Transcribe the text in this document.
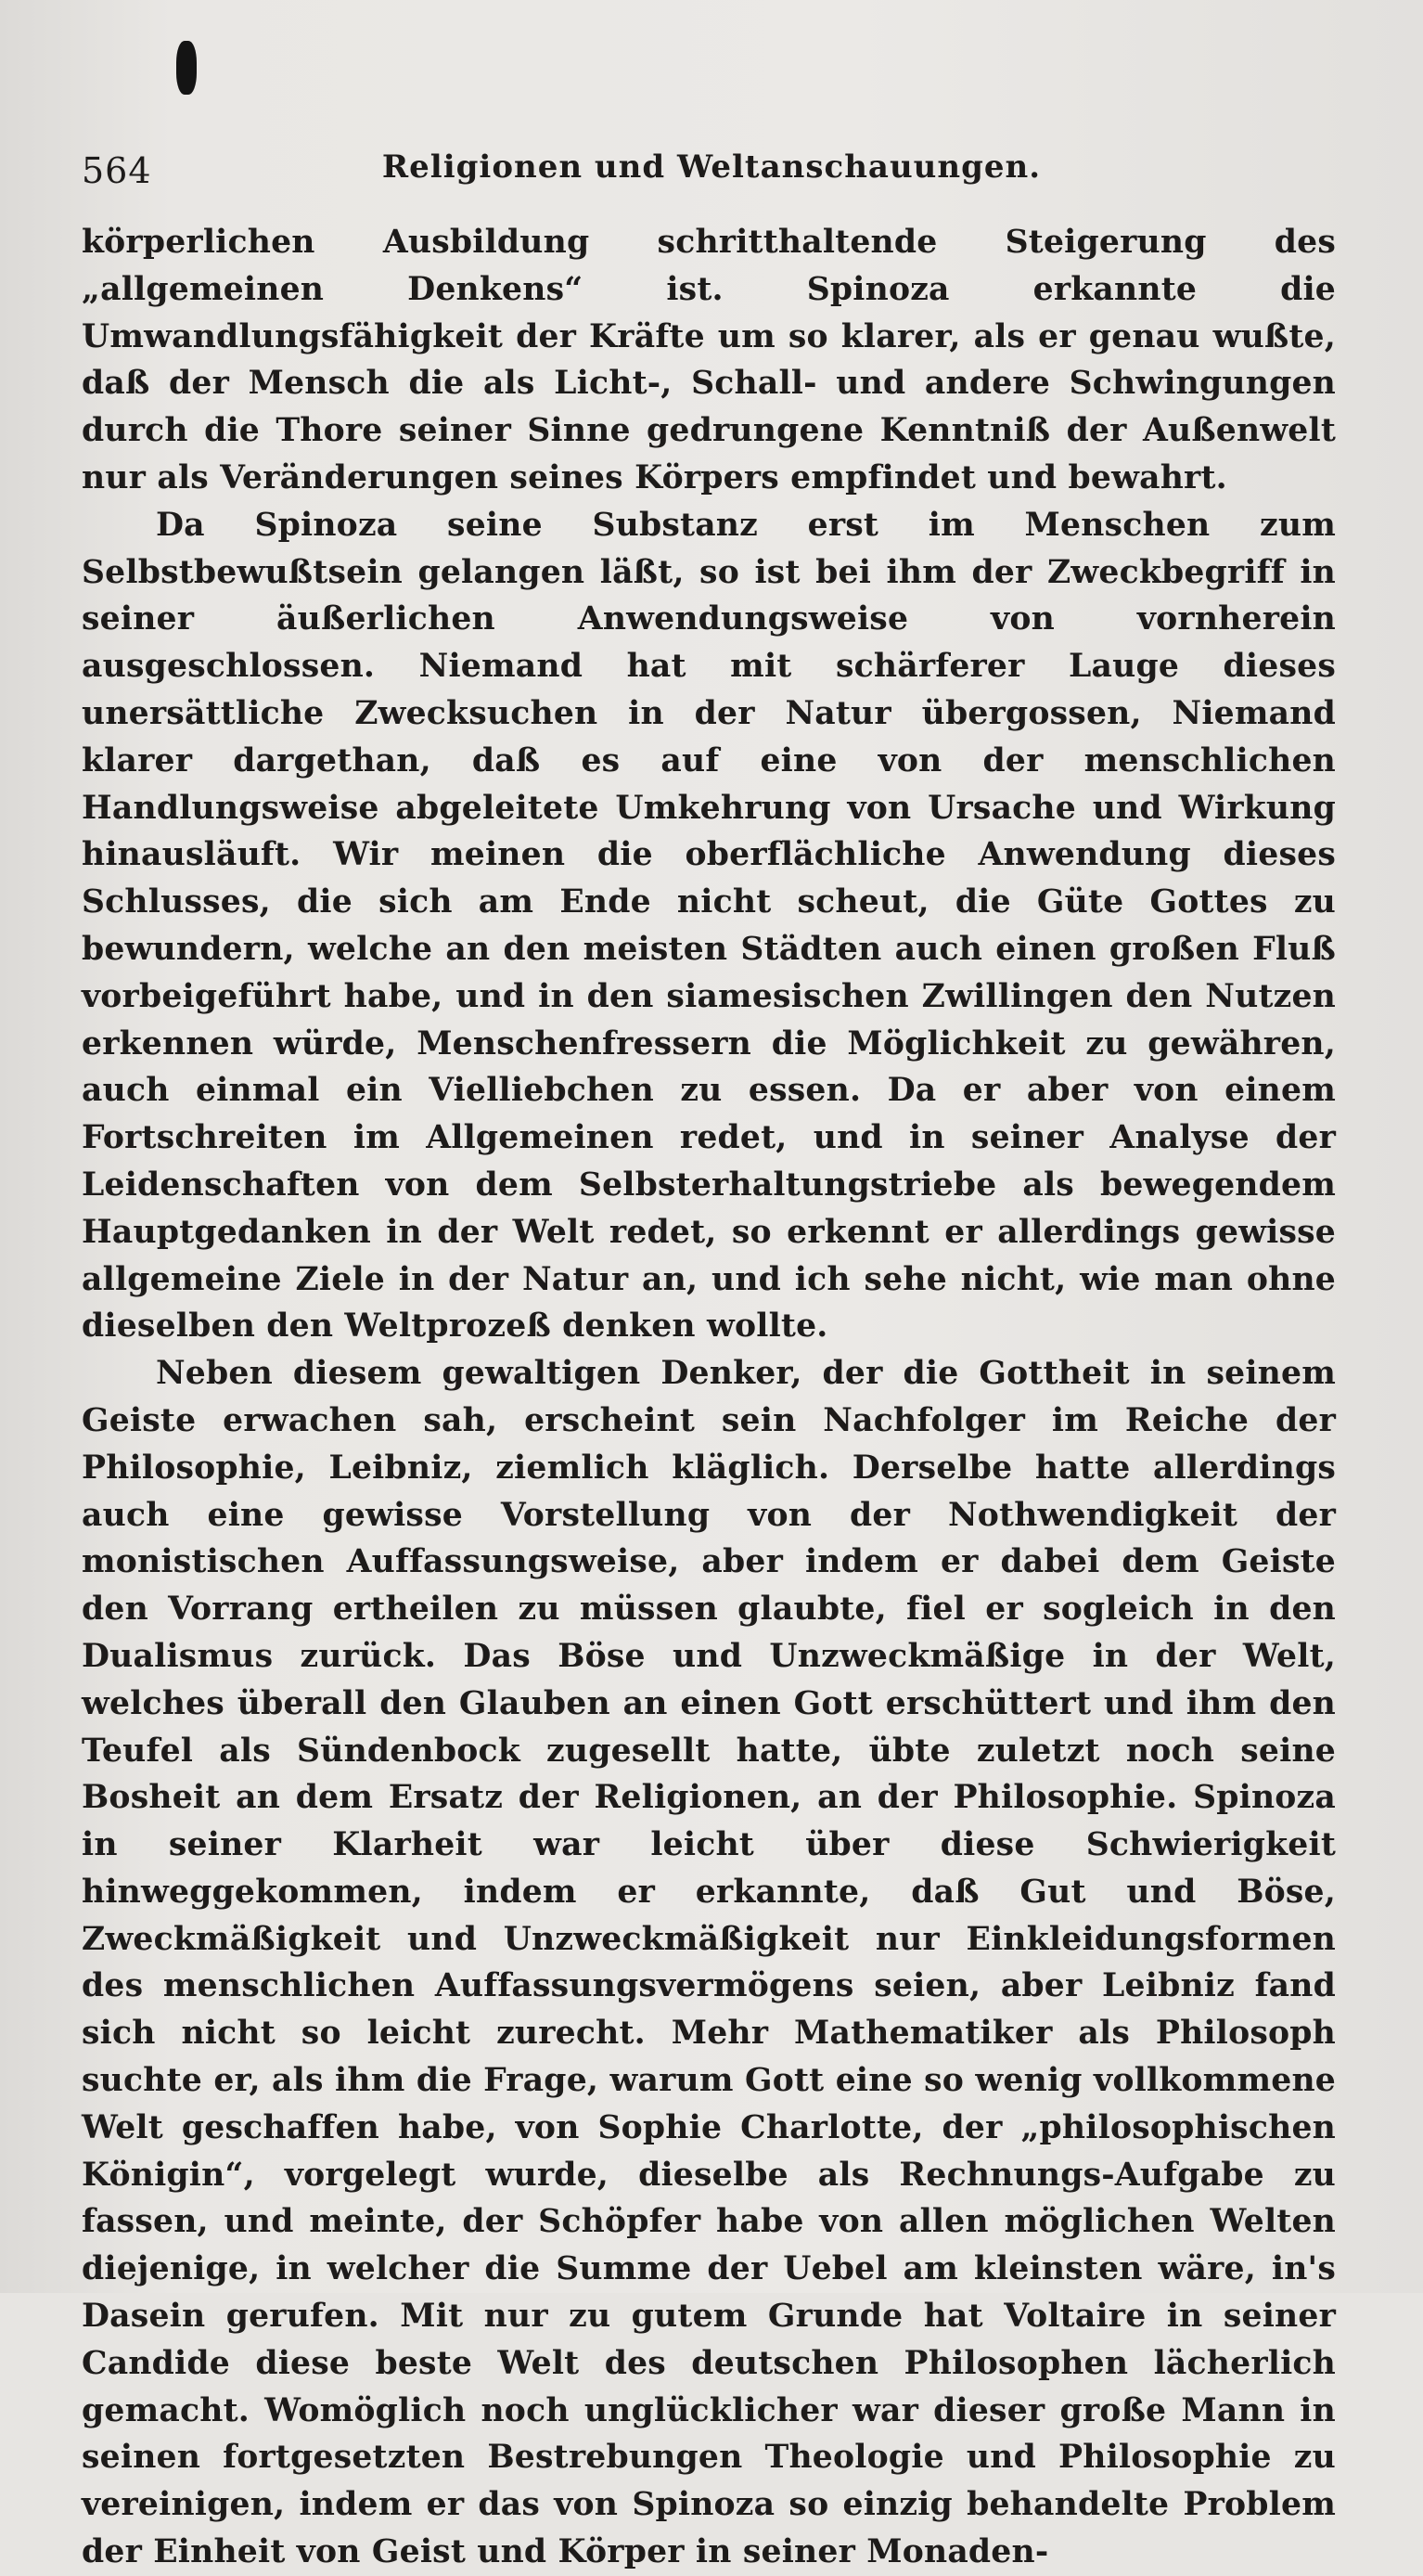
564	Religionen und Weltanschauungen.

körperlichen Ausbildung schritthaltende Steigerung des „allgemeinen Denkens“ ist. Spinoza erkannte die Umwandlungsfähigkeit der Kräfte um so klarer, als er genau wußte, daß der Mensch die als Licht-, Schall- und andere Schwingungen durch die Thore seiner Sinne gedrungene Kenntniß der Außenwelt nur als Veränderungen seines Körpers empfindet und bewahrt.

Da Spinoza seine Substanz erst im Menschen zum Selbstbewußtsein gelangen läßt, so ist bei ihm der Zweckbegriff in seiner äußerlichen Anwendungsweise von vornherein ausgeschlossen. Niemand hat mit schärferer Lauge dieses unersättliche Zwecksuchen in der Natur übergossen, Niemand klarer dargethan, daß es auf eine von der menschlichen Handlungsweise abgeleitete Umkehrung von Ursache und Wirkung hinausläuft. Wir meinen die oberflächliche Anwendung dieses Schlusses, die sich am Ende nicht scheut, die Güte Gottes zu bewundern, welche an den meisten Städten auch einen großen Fluß vorbeigeführt habe, und in den siamesischen Zwillingen den Nutzen erkennen würde, Menschenfressern die Möglichkeit zu gewähren, auch einmal ein Vielliebchen zu essen. Da er aber von einem Fortschreiten im Allgemeinen redet, und in seiner Analyse der Leidenschaften von dem Selbsterhaltungstriebe als bewegendem Hauptgedanken in der Welt redet, so erkennt er allerdings gewisse allgemeine Ziele in der Natur an, und ich sehe nicht, wie man ohne dieselben den Weltprozeß denken wollte.

Neben diesem gewaltigen Denker, der die Gottheit in seinem Geiste erwachen sah, erscheint sein Nachfolger im Reiche der Philosophie, Leibniz, ziemlich kläglich. Derselbe hatte allerdings auch eine gewisse Vorstellung von der Nothwendigkeit der monistischen Auffassungsweise, aber indem er dabei dem Geiste den Vorrang ertheilen zu müssen glaubte, fiel er sogleich in den Dualismus zurück. Das Böse und Unzweckmäßige in der Welt, welches überall den Glauben an einen Gott erschüttert und ihm den Teufel als Sündenbock zugesellt hatte, übte zuletzt noch seine Bosheit an dem Ersatz der Religionen, an der Philosophie. Spinoza in seiner Klarheit war leicht über diese Schwierigkeit hinweggekommen, indem er erkannte, daß Gut und Böse, Zweckmäßigkeit und Unzweckmäßigkeit nur Einkleidungsformen des menschlichen Auffassungsvermögens seien, aber Leibniz fand sich nicht so leicht zurecht. Mehr Mathematiker als Philosoph suchte er, als ihm die Frage, warum Gott eine so wenig vollkommene Welt geschaffen habe, von Sophie Charlotte, der „philosophischen Königin“, vorgelegt wurde, dieselbe als Rechnungs-Aufgabe zu fassen, und meinte, der Schöpfer habe von allen möglichen Welten diejenige, in welcher die Summe der Uebel am kleinsten wäre, in's Dasein gerufen. Mit nur zu gutem Grunde hat Voltaire in seiner Candide diese beste Welt des deutschen Philosophen lächerlich gemacht. Womöglich noch unglücklicher war dieser große Mann in seinen fortgesetzten Bestrebungen Theologie und Philosophie zu vereinigen, indem er das von Spinoza so einzig behandelte Problem der Einheit von Geist und Körper in seiner Monaden-
